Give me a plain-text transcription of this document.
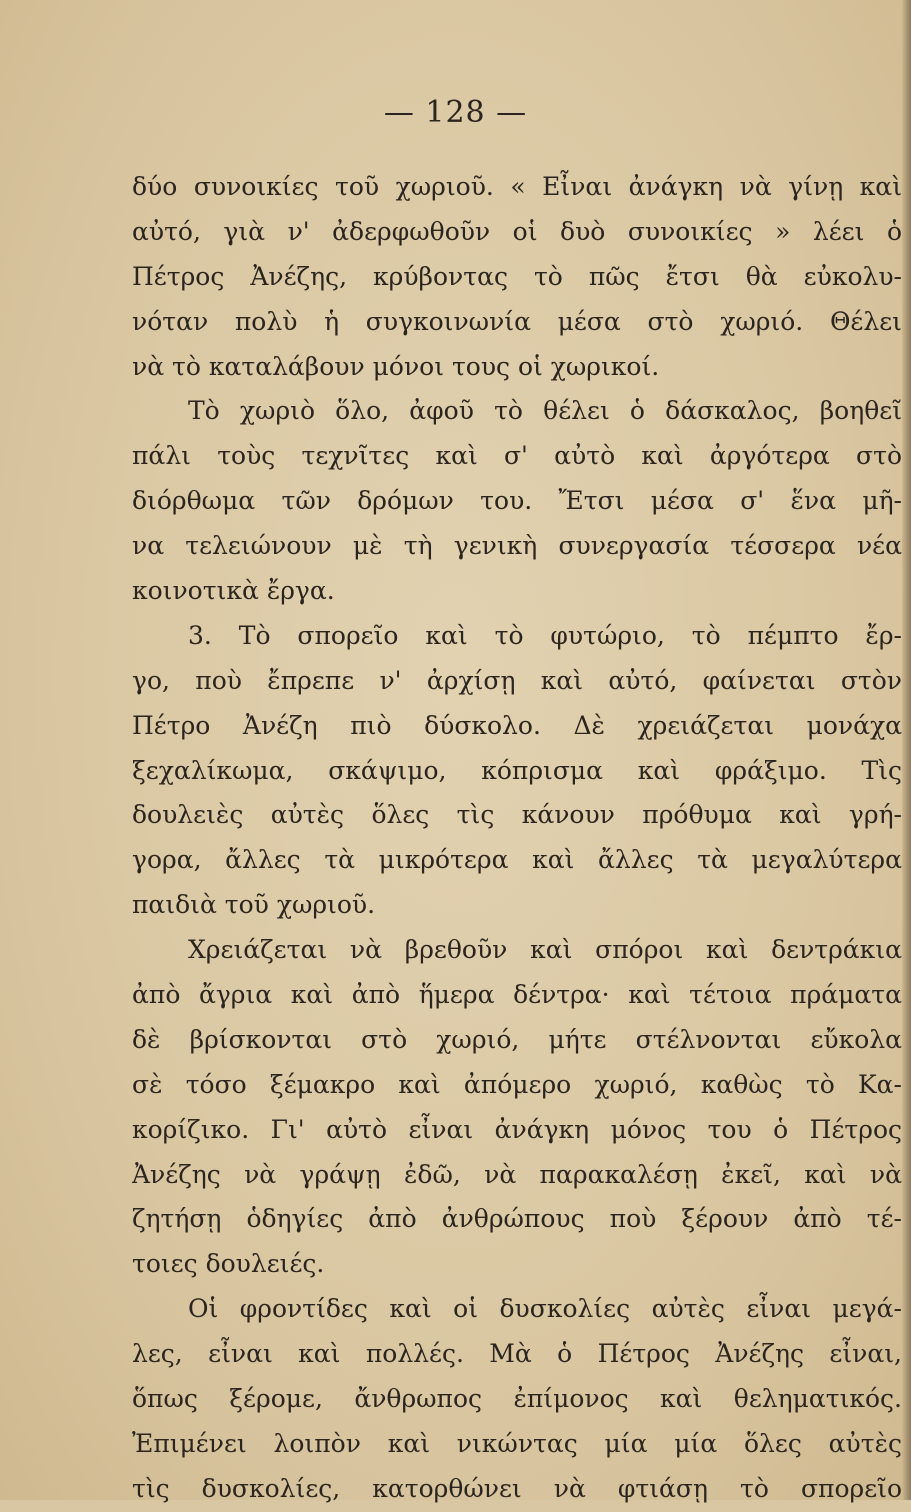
— 128 —
δύο συνοικίες τοῦ χωριοῦ. « Εἶναι ἀνάγκη νὰ γίνῃ καὶ
αὐτό, γιὰ ν' ἀδερφωθοῦν οἱ δυὸ συνοικίες » λέει ὁ
Πέτρος Ἀνέζης, κρύβοντας τὸ πῶς ἔτσι θὰ εὐκολυ-
νόταν πολὺ ἡ συγκοινωνία μέσα στὸ χωριό. Θέλει
νὰ τὸ καταλάβουν μόνοι τους οἱ χωρικοί.
Τὸ χωριὸ ὅλο, ἀφοῦ τὸ θέλει ὁ δάσκαλος, βοηθεῖ
πάλι τοὺς τεχνῖτες καὶ σ' αὐτὸ καὶ ἀργότερα στὸ
διόρθωμα τῶν δρόμων του. Ἔτσι μέσα σ' ἕνα μῆ-
να τελειώνουν μὲ τὴ γενικὴ συνεργασία τέσσερα νέα
κοινοτικὰ ἔργα.
3. Τὸ σπορεῖο καὶ τὸ φυτώριο, τὸ πέμπτο ἔρ-
γο, ποὺ ἔπρεπε ν' ἀρχίσῃ καὶ αὐτό, φαίνεται στὸν
Πέτρο Ἀνέζη πιὸ δύσκολο. Δὲ χρειάζεται μονάχα
ξεχαλίκωμα, σκάψιμο, κόπρισμα καὶ φράξιμο. Τὶς
δουλειὲς αὐτὲς ὅλες τὶς κάνουν πρόθυμα καὶ γρή-
γορα, ἄλλες τὰ μικρότερα καὶ ἄλλες τὰ μεγαλύτερα
παιδιὰ τοῦ χωριοῦ.
Χρειάζεται νὰ βρεθοῦν καὶ σπόροι καὶ δεντράκια
ἀπὸ ἄγρια καὶ ἀπὸ ἥμερα δέντρα· καὶ τέτοια πράματα
δὲ βρίσκονται στὸ χωριό, μήτε στέλνονται εὔκολα
σὲ τόσο ξέμακρο καὶ ἀπόμερο χωριό, καθὼς τὸ Κα-
κορίζικο. Γι' αὐτὸ εἶναι ἀνάγκη μόνος του ὁ Πέτρος
Ἀνέζης νὰ γράψῃ ἐδῶ, νὰ παρακαλέσῃ ἐκεῖ, καὶ νὰ
ζητήσῃ ὁδηγίες ἀπὸ ἀνθρώπους ποὺ ξέρουν ἀπὸ τέ-
τοιες δουλειές.
Οἱ φροντίδες καὶ οἱ δυσκολίες αὐτὲς εἶναι μεγά-
λες, εἶναι καὶ πολλές. Μὰ ὁ Πέτρος Ἀνέζης εἶναι,
ὅπως ξέρομε, ἄνθρωπος ἐπίμονος καὶ θεληματικός.
Ἐπιμένει λοιπὸν καὶ νικώντας μία μία ὅλες αὐτὲς
τὶς δυσκολίες, κατορθώνει νὰ φτιάσῃ τὸ σπορεῖο
